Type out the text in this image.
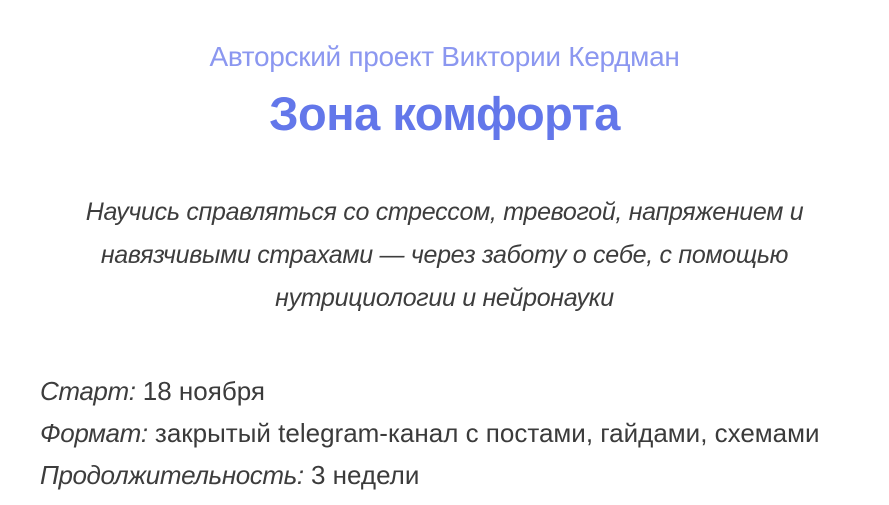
Авторский проект Виктории Кердман
Зона комфорта

Научись справляться со стрессом, тревогой, напряжением и навязчивыми страхами — через заботу о себе, с помощью нутрициологии и нейронауки

Старт: 18 ноября
Формат: закрытый telegram-канал с постами, гайдами, схемами
Продолжительность: 3 недели
